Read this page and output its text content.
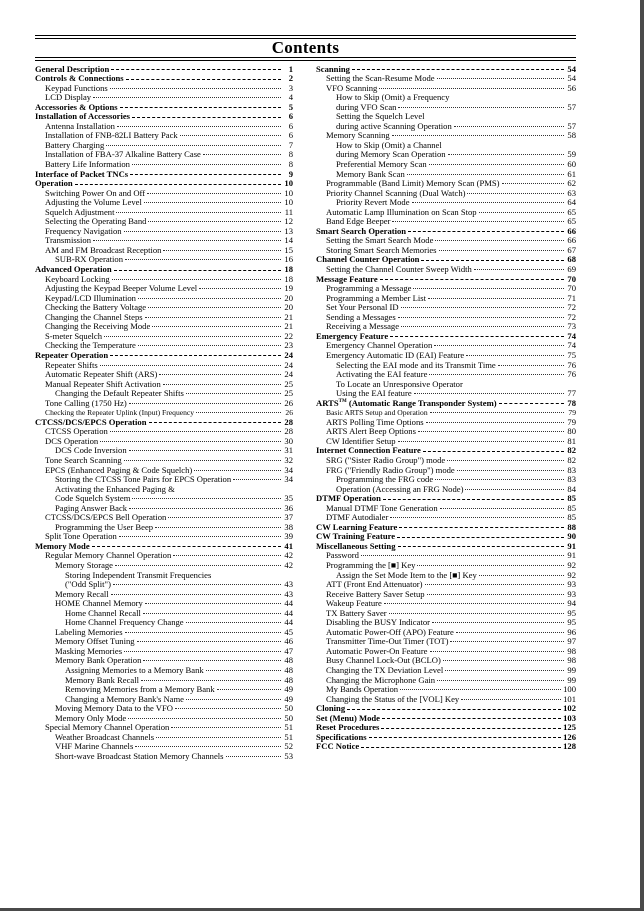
Contents
General Description	1
Controls & Connections	2
Keypad Functions	3
LCD Display	4
Accessories & Options	5
Installation of Accessories	6
Antenna Installation	6
Installation of FNB-82LI Battery Pack	6
Battery Charging	7
Installation of FBA-37 Alkaline Battery Case	8
Battery Life Information	8
Interface of Packet TNCs	9
Operation	10
Switching Power On and Off	10
Adjusting the Volume Level	10
Squelch Adjustment	11
Selecting the Operating Band	12
Frequency Navigation	13
Transmission	14
AM and FM Broadcast Reception	15
SUB-RX Operation	16
Advanced Operation	18
Keyboard Locking	18
Adjusting the Keypad Beeper Volume Level	19
Keypad/LCD Illumination	20
Checking the Battery Voltage	20
Changing the Channel Steps	21
Changing the Receiving Mode	21
S-meter Squelch	22
Checking the Temperature	23
Repeater Operation	24
Repeater Shifts	24
Automatic Repeater Shift (ARS)	24
Manual Repeater Shift Activation	25
Changing the Default Repeater Shifts	25
Tone Calling (1750 Hz)	26
Checking the Repeater Uplink (Input) Frequency	26
CTCSS/DCS/EPCS Operation	28
CTCSS Operation	28
DCS Operation	30
DCS Code Inversion	31
Tone Search Scanning	32
EPCS (Enhanced Paging & Code Squelch)	34
Storing the CTCSS Tone Pairs for EPCS Operation	34
Activating the Enhanced Paging &
Code Squelch System	35
Paging Answer Back	36
CTCSS/DCS/EPCS Bell Operation	37
Programming the User Beep	38
Split Tone Operation	39
Memory Mode	41
Regular Memory Channel Operation	42
Memory Storage	42
Storing Independent Transmit Frequencies
("Odd Split")	43
Memory Recall	43
HOME Channel Memory	44
Home Channel Recall	44
Home Channel Frequency Change	44
Labeling Memories	45
Memory Offset Tuning	46
Masking Memories	47
Memory Bank Operation	48
Assigning Memories to a Memory Bank	48
Memory Bank Recall	48
Removing Memories from a Memory Bank	49
Changing a Memory Bank's Name	49
Moving Memory Data to the VFO	50
Memory Only Mode	50
Special Memory Channel Operation	51
Weather Broadcast Channels	51
VHF Marine Channels	52
Short-wave Broadcast Station Memory Channels	53
Scanning	54
Setting the Scan-Resume Mode	54
VFO Scanning	56
How to Skip (Omit) a Frequency
during VFO Scan	57
Setting the Squelch Level
during active Scanning Operation	57
Memory Scanning	58
How to Skip (Omit) a Channel
during Memory Scan Operation	59
Preferential Memory Scan	60
Memory Bank Scan	61
Programmable (Band Limit) Memory Scan (PMS)	62
Priority Channel Scanning (Dual Watch)	63
Priority Revert Mode	64
Automatic Lamp Illumination on Scan Stop	65
Band Edge Beeper	65
Smart Search Operation	66
Setting the Smart Search Mode	66
Storing Smart Search Memories	67
Channel Counter Operation	68
Setting the Channel Counter Sweep Width	69
Message Feature	70
Programming a Message	70
Programming a Member List	71
Set Your Personal ID	72
Sending a Messages	72
Receiving a Message	73
Emergency Feature	74
Emergency Channel Operation	74
Emergency Automatic ID (EAI) Feature	75
Selecting the EAI mode and its Transmit Time	76
Activating the EAI feature	76
To Locate an Unresponsive Operator
Using the EAI feature	77
ARTS™ (Automatic Range Transponder System)	78
Basic ARTS Setup and Operation	79
ARTS Polling Time Options	79
ARTS Alert Beep Options	80
CW Identifier Setup	81
Internet Connection Feature	82
SRG ("Sister Radio Group") mode	82
FRG ("Friendly Radio Group") mode	83
Programming the FRG code	83
Operation (Accessing an FRG Node)	84
DTMF Operation	85
Manual DTMF Tone Generation	85
DTMF Autodialer	85
CW Learning Feature	88
CW Training Feature	90
Miscellaneous Setting	91
Password	91
Programming the [■] Key	92
Assign the Set Mode Item to the [■] Key	92
ATT (Front End Attenuator)	93
Receive Battery Saver Setup	93
Wakeup Feature	94
TX Battery Saver	95
Disabling the BUSY Indicator	95
Automatic Power-Off (APO) Feature	96
Transmitter Time-Out Timer (TOT)	97
Automatic Power-On Feature	98
Busy Channel Lock-Out (BCLO)	98
Changing the TX Deviation Level	99
Changing the Microphone Gain	99
My Bands Operation	100
Changing the Status of the [VOL] Key	101
Cloning	102
Set (Menu) Mode	103
Reset Procedures	125
Specifications	126
FCC Notice	128
